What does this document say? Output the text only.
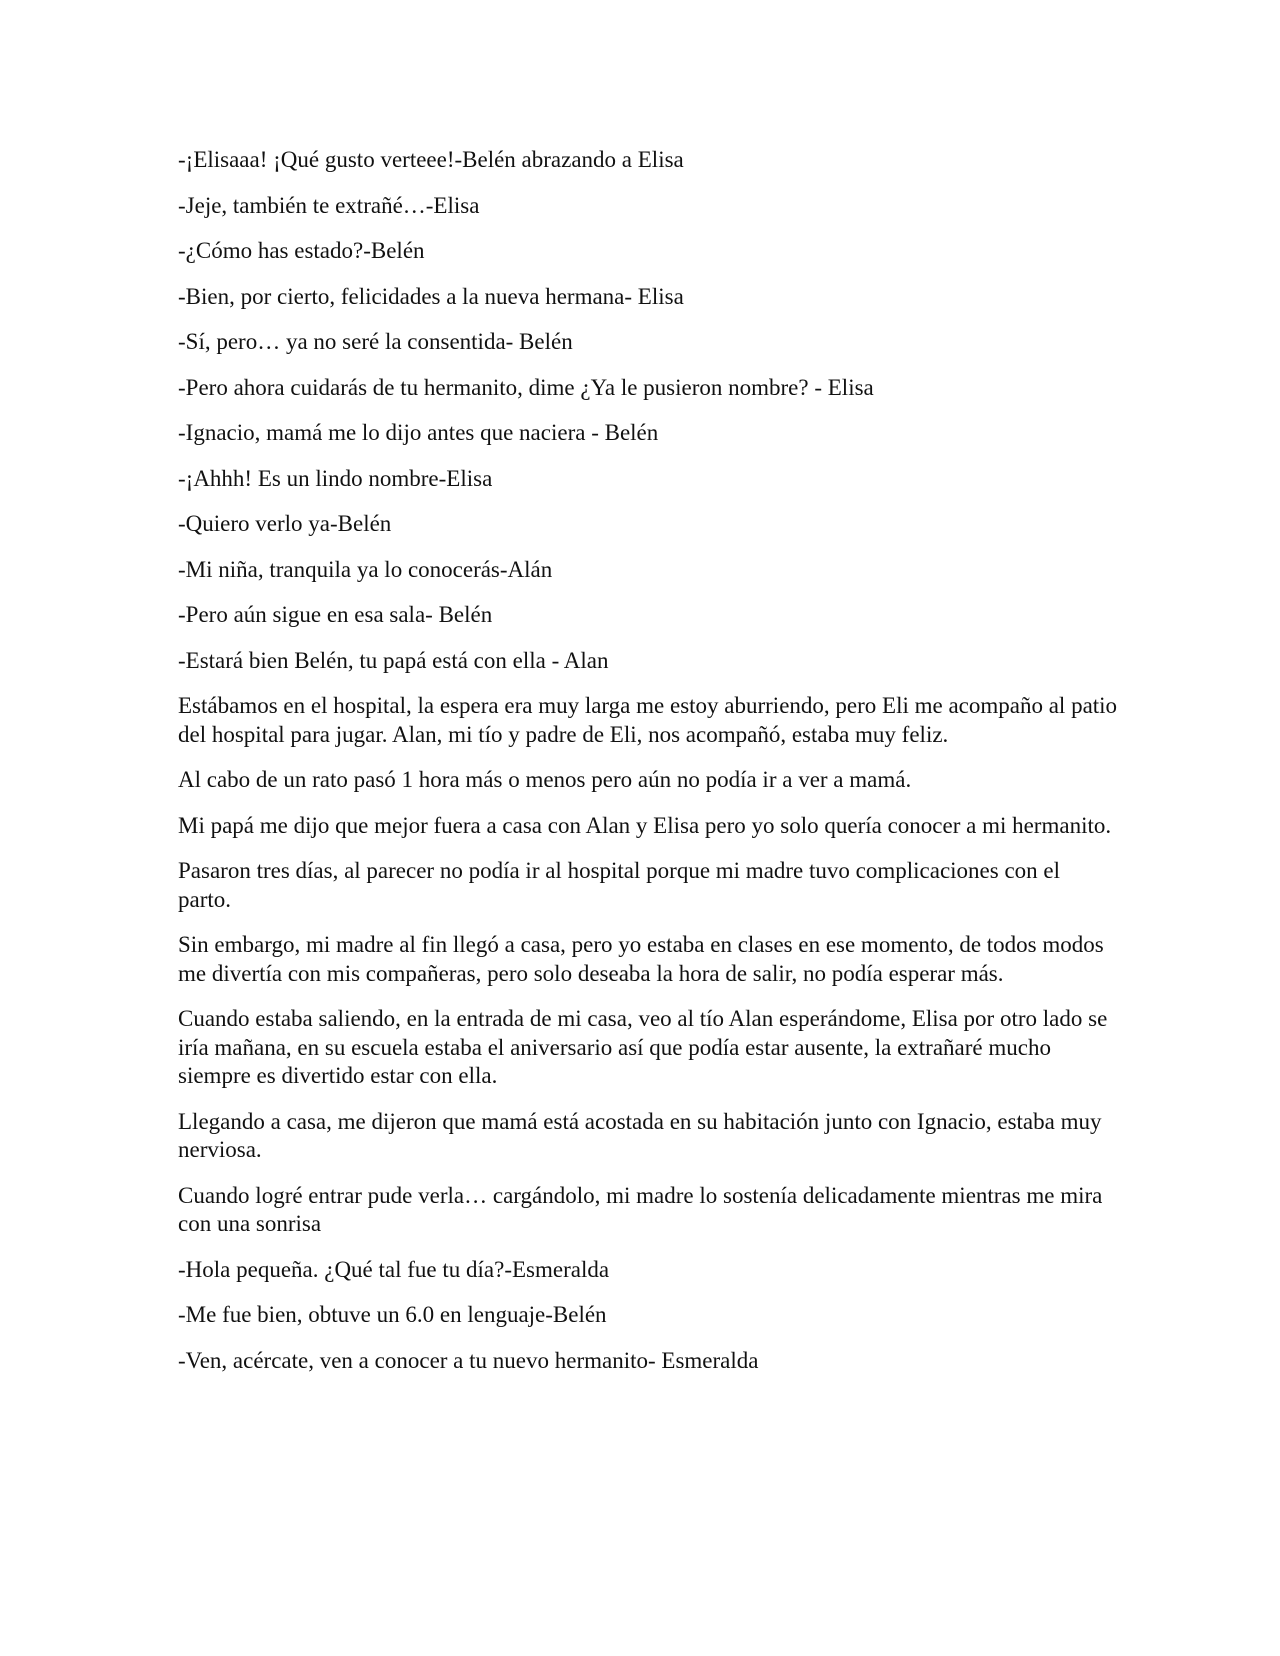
-¡Elisaaa! ¡Qué gusto verteee!-Belén abrazando a Elisa

-Jeje, también te extrañé…-Elisa

-¿Cómo has estado?-Belén

-Bien, por cierto, felicidades a la nueva hermana- Elisa

-Sí, pero… ya no seré la consentida- Belén

-Pero ahora cuidarás de tu hermanito, dime ¿Ya le pusieron nombre? - Elisa

-Ignacio, mamá me lo dijo antes que naciera - Belén

-¡Ahhh! Es un lindo nombre-Elisa

-Quiero verlo ya-Belén

-Mi niña, tranquila ya lo conocerás-Alán

-Pero aún sigue en esa sala- Belén

-Estará bien Belén, tu papá está con ella - Alan

Estábamos en el hospital, la espera era muy larga me estoy aburriendo, pero Eli me acompaño al patio del hospital para jugar. Alan, mi tío y padre de Eli, nos acompañó, estaba muy feliz.

Al cabo de un rato pasó 1 hora más o menos pero aún no podía ir a ver a mamá.

Mi papá me dijo que mejor fuera a casa con Alan y Elisa pero yo solo quería conocer a mi hermanito.

Pasaron tres días, al parecer no podía ir al hospital porque mi madre tuvo complicaciones con el parto.

Sin embargo, mi madre al fin llegó a casa, pero yo estaba en clases en ese momento, de todos modos me divertía con mis compañeras, pero solo deseaba la hora de salir, no podía esperar más.

Cuando estaba saliendo, en la entrada de mi casa, veo al tío Alan esperándome, Elisa por otro lado se iría mañana, en su escuela estaba el aniversario así que podía estar ausente, la extrañaré mucho siempre es divertido estar con ella.

Llegando a casa, me dijeron que mamá está acostada en su habitación junto con Ignacio, estaba muy nerviosa.

Cuando logré entrar pude verla… cargándolo, mi madre lo sostenía delicadamente mientras me mira con una sonrisa

-Hola pequeña. ¿Qué tal fue tu día?-Esmeralda

-Me fue bien, obtuve un 6.0 en lenguaje-Belén

-Ven, acércate, ven a conocer a tu nuevo hermanito- Esmeralda
